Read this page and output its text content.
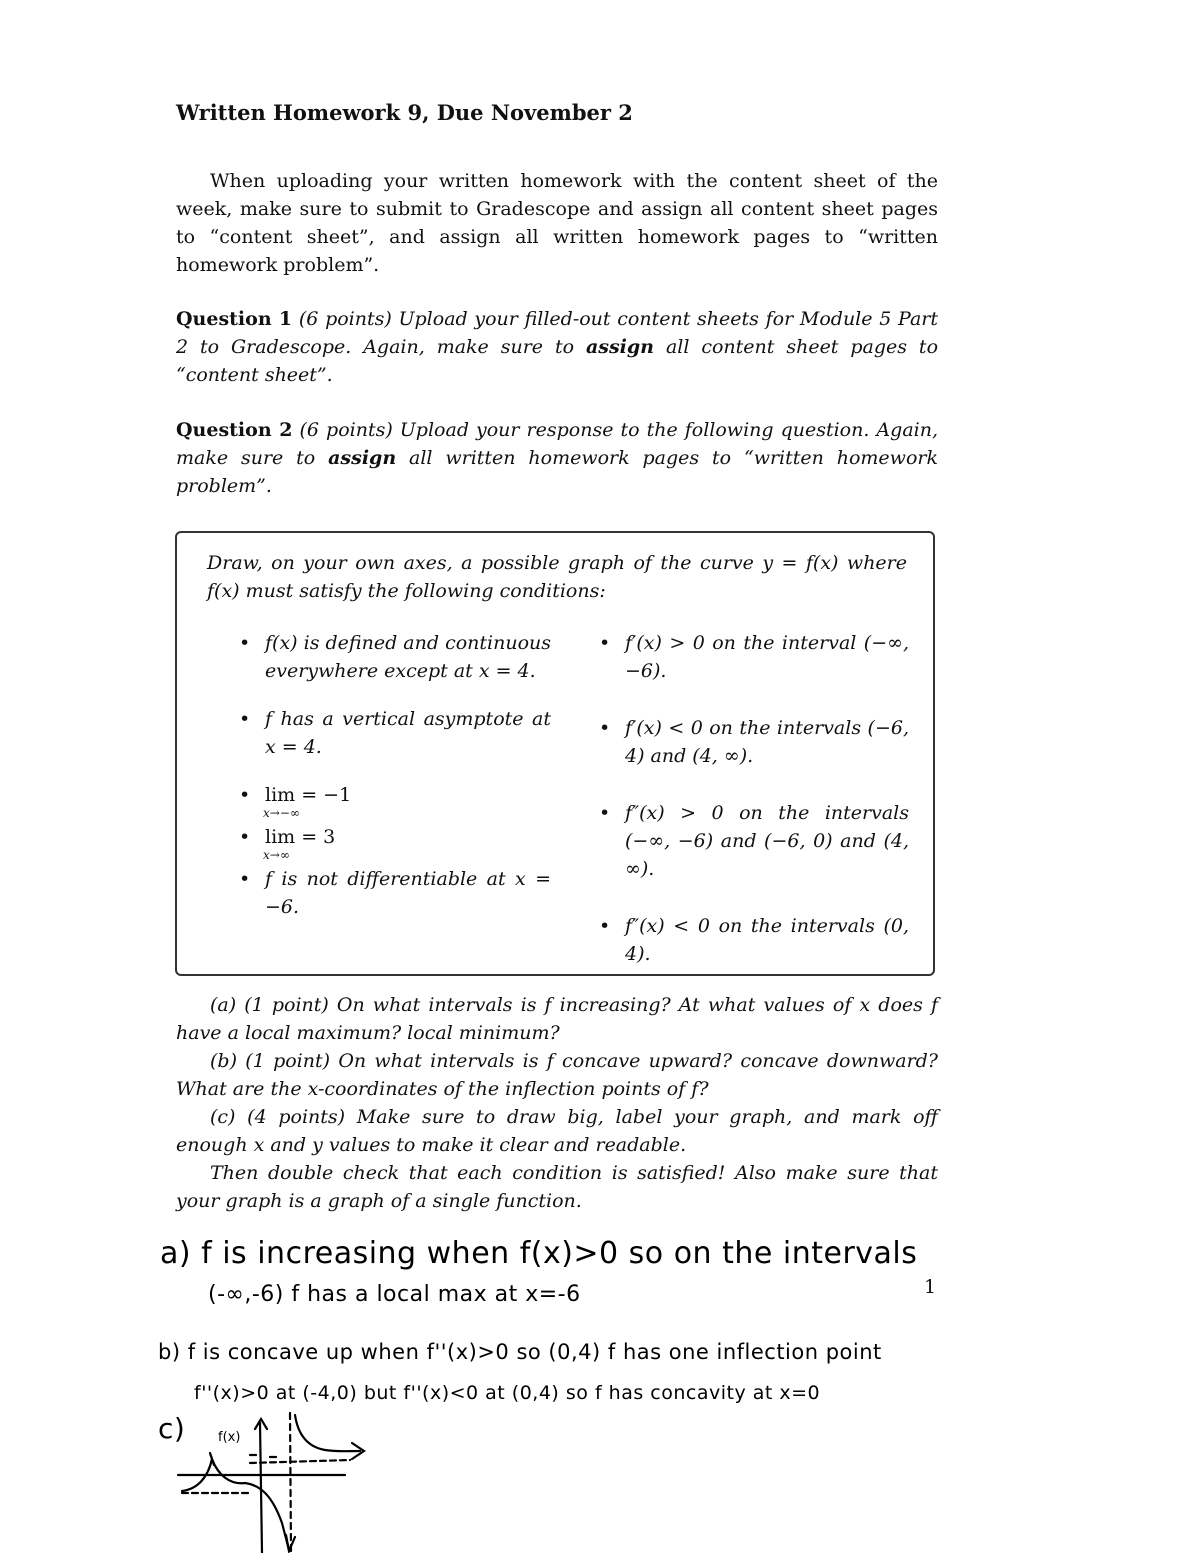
Written Homework 9, Due November 2
When uploading your written homework with the content sheet of the week, make sure to submit to Gradescope and assign all content sheet pages to “content sheet”, and assign all written homework pages to “written homework problem”.
Question 1 (6 points) Upload your filled-out content sheets for Module 5 Part 2 to Gradescope. Again, make sure to assign all content sheet pages to “content sheet”.
Question 2 (6 points) Upload your response to the following question. Again, make sure to assign all written homework pages to “written homework problem”.
Draw, on your own axes, a possible graph of the curve y = f(x) where f(x) must satisfy the following conditions:
• f(x) is defined and continuous everywhere except at x = 4.
• f has a vertical asymptote at x = 4.
• lim
x→−∞
= −1
• lim
x→∞
= 3
• f is not differentiable at x = −6.
• f′(x) > 0 on the interval (−∞, −6).
• f′(x) < 0 on the intervals (−6, 4) and (4, ∞).
• f″(x) > 0 on the intervals (−∞, −6) and (−6, 0) and (4, ∞).
• f″(x) < 0 on the intervals (0, 4).

(a) (1 point) On what intervals is f increasing? At what values of x does f have a local maximum? local minimum?

(b) (1 point) On what intervals is f concave upward? concave downward? What are the x-coordinates of the inflection points of f?

(c) (4 points) Make sure to draw big, label your graph, and mark off enough x and y values to make it clear and readable.

Then double check that each condition is satisfied! Also make sure that your graph is a graph of a single function.

1
a) f is increasing when f(x)>0 so on the intervals
(-∞,-6) f has a local max at x=-6
b) f is concave up when f''(x)>0 so (0,4) f has one inflection point
f''(x)>0 at (-4,0) but f''(x)<0 at (0,4) so f has concavity at x=0
c)	f(x)
